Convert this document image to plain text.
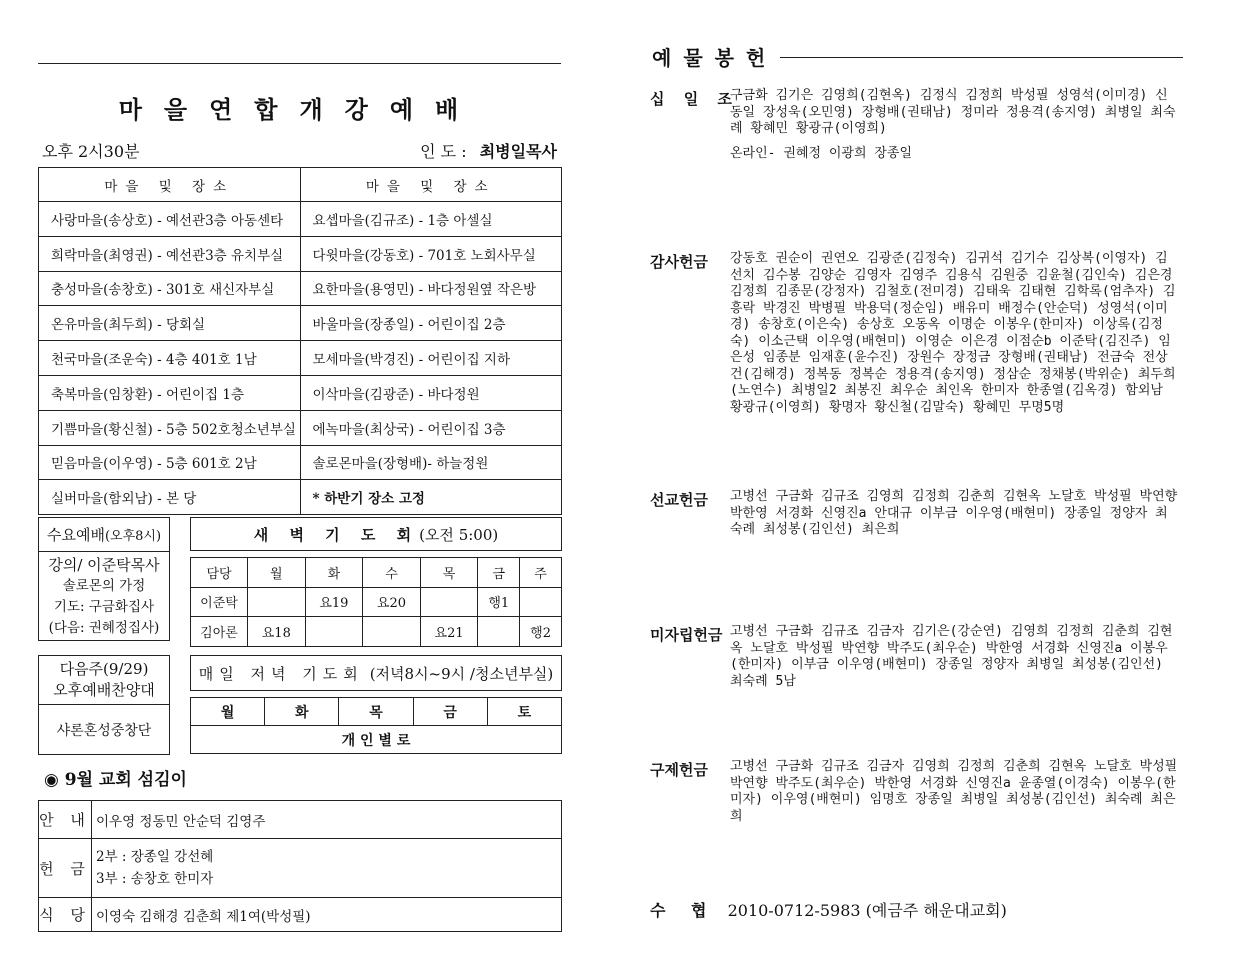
마을연합개강예배
오후 2시30분	인 도 : 최병일목사
마을 및 장소	마을 및 장소
사랑마을(송상호) - 예선관3층 아동센타	요셉마을(김규조) - 1층 아셀실
희락마을(최영권) - 예선관3층 유치부실	다윗마을(강동호) - 701호 노회사무실
충성마을(송창호) - 301호 새신자부실	요한마을(용영민) - 바다정원옆 작은방
온유마을(최두희) - 당회실	바울마을(장종일) - 어린이집 2층
천국마을(조운숙) - 4층 401호 1남	모세마을(박경진) - 어린이집 지하
축복마을(임창환) - 어린이집 1층	이삭마을(김광준) - 바다정원
기쁨마을(황신철) - 5층 502호청소년부실	에녹마을(최상국) - 어린이집 3층
믿음마을(이우영) - 5층 601호 2남	솔로몬마을(장형배)- 하늘정원
실버마을(함외남) - 본 당	* 하반기 장소 고정
수요예배 (오후8시)
강의/ 이준탁목사
솔로몬의 가정
기도: 구금화집사
(다음: 권혜정집사)
새 벽 기 도 회 (오전 5:00)
담당	월	화	수	목	금	주
이준탁		요19	요20		행1	
김아론	요18			요21		행2
다음주(9/29)
오후예배찬양대
샤론혼성중창단
매일 저녁 기도회 (저녁8시~9시 /청소년부실)
월	화	목	금	토
개 인 별 로
◉ 9월 교회 섬김이
안 내	이우영 정동민 안순덕 김영주
헌 금	2부 : 장종일 강선혜
3부 : 송창호 한미자

식 당	이영숙 김해경 김춘희 제1여(박성필)
예물봉헌
십 일 조
구금화 김기은 김영희(김현옥) 김정식 김정희 박성필 성영석(이미경) 신동일 장성욱(오민영) 장형배(권태남) 정미라 정용격(송지영) 최병일 최숙례 황혜민 황광규(이영희)
온라인- 권혜정 이광희 장종일
감사헌금 강동호 권순이 권연오 김광준(김정숙) 김귀석 김기수 김상복(이영자) 김선치 김수봉 김양순 김영자 김영주 김용식 김원중 김윤철(김인숙) 김은경 김정희 김종문(강정자) 김철호(전미경) 김태욱 김태현 김학록(엄추자) 김흥락 박경진 박병필 박용덕(정순임) 배유미 배정수(안순덕) 성영석(이미경) 송창호(이은숙) 송상호 오동옥 이명순 이봉우(한미자) 이상록(김정숙) 이소근택 이우영(배현미) 이영순 이은경 이점순b 이준탁(김진주) 임은성 임종분 임재훈(윤수진) 장원수 장정금 장형배(권태남) 전금숙 전상건(김해경) 정복동 정복순 정용격(송지영) 정삼순 정채봉(박위순) 최두희(노연수) 최병일2 최봉진 최우순 최인옥 한미자 한종열(김옥경) 함외남 황광규(이영희) 황명자 황신철(김말숙) 황혜민 무명5명
선교헌금 고병선 구금화 김규조 김영희 김정희 김춘희 김현옥 노달호 박성필 박연향 박한영 서경화 신영진a 안대규 이부금 이우영(배현미) 장종일 정양자 최숙례 최성봉(김인선) 최은희
미자립헌금 고병선 구금화 김규조 김금자 김기은(강순연) 김영희 김정희 김춘희 김현옥 노달호 박성필 박연향 박주도(최우순) 박한영 서경화 신영진a 이봉우(한미자) 이부금 이우영(배현미) 장종일 정양자 최병일 최성봉(김인선) 최숙례 5남
구제헌금 고병선 구금화 김규조 김금자 김영희 김정희 김춘희 김현옥 노달호 박성필 박연향 박주도(최우순) 박한영 서경화 신영진a 윤종열(이경숙) 이봉우(한미자) 이우영(배현미) 임명호 장종일 최병일 최성봉(김인선) 최숙례 최은희
수 협 2010-0712-5983 (예금주 해운대교회)
